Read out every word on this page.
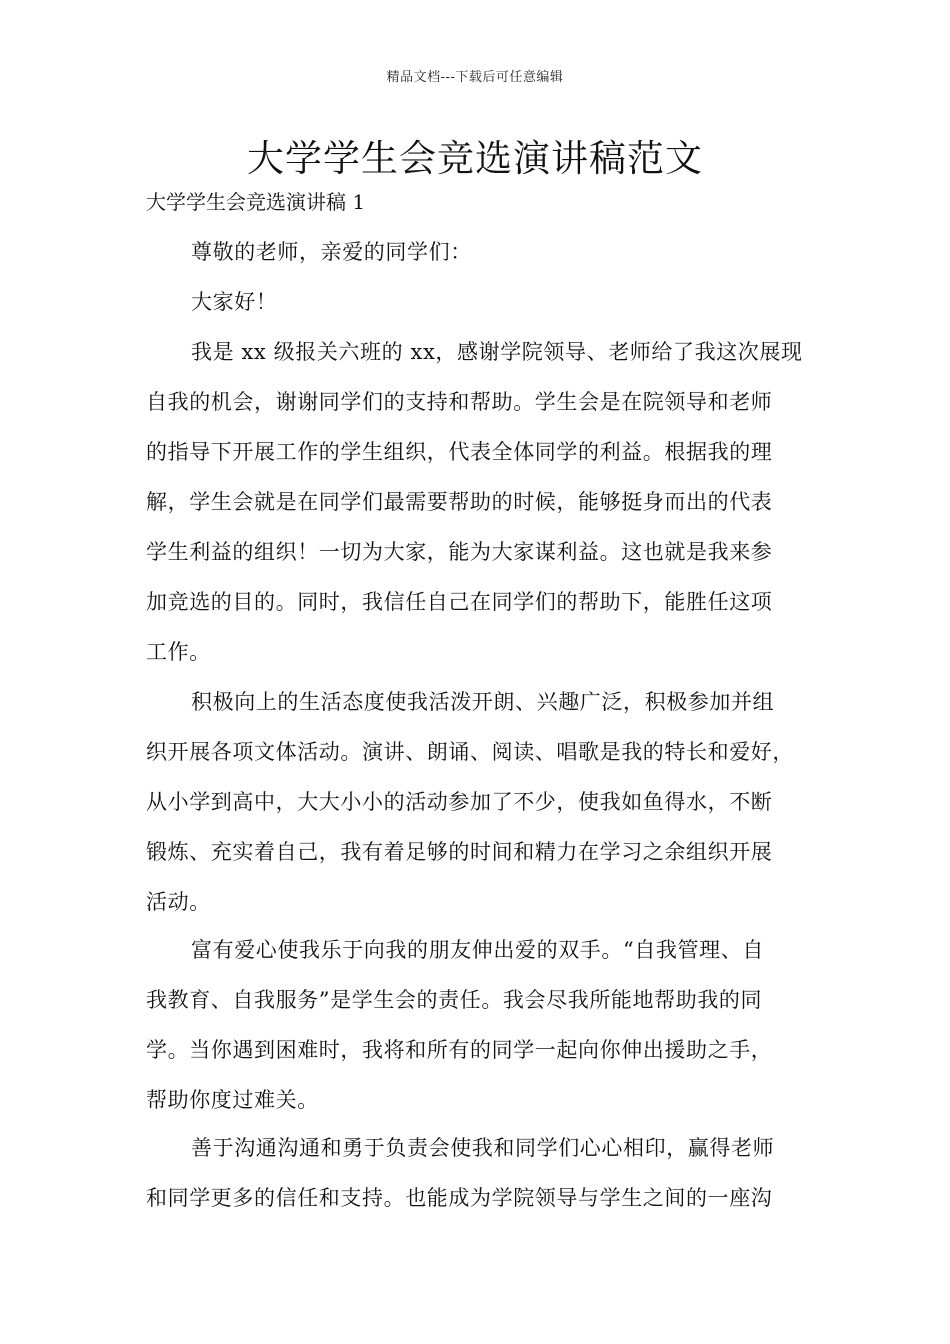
精品文档---下载后可任意编辑
大学学生会竞选演讲稿范文
大学学生会竞选演讲稿 1
尊敬的老师，亲爱的同学们：
大家好！
我是 xx 级报关六班的 xx，感谢学院领导、老师给了我这次展现
自我的机会，谢谢同学们的支持和帮助。学生会是在院领导和老师
的指导下开展工作的学生组织，代表全体同学的利益。根据我的理
解，学生会就是在同学们最需要帮助的时候，能够挺身而出的代表
学生利益的组织！一切为大家，能为大家谋利益。这也就是我来参
加竞选的目的。同时，我信任自己在同学们的帮助下，能胜任这项
工作。
积极向上的生活态度使我活泼开朗、兴趣广泛，积极参加并组
织开展各项文体活动。演讲、朗诵、阅读、唱歌是我的特长和爱好，
从小学到高中，大大小小的活动参加了不少，使我如鱼得水，不断
锻炼、充实着自己，我有着足够的时间和精力在学习之余组织开展
活动。
富有爱心使我乐于向我的朋友伸出爱的双手。“自我管理、自
我教育、自我服务”是学生会的责任。我会尽我所能地帮助我的同
学。当你遇到困难时，我将和所有的同学一起向你伸出援助之手，
帮助你度过难关。
善于沟通沟通和勇于负责会使我和同学们心心相印，赢得老师
和同学更多的信任和支持。也能成为学院领导与学生之间的一座沟
